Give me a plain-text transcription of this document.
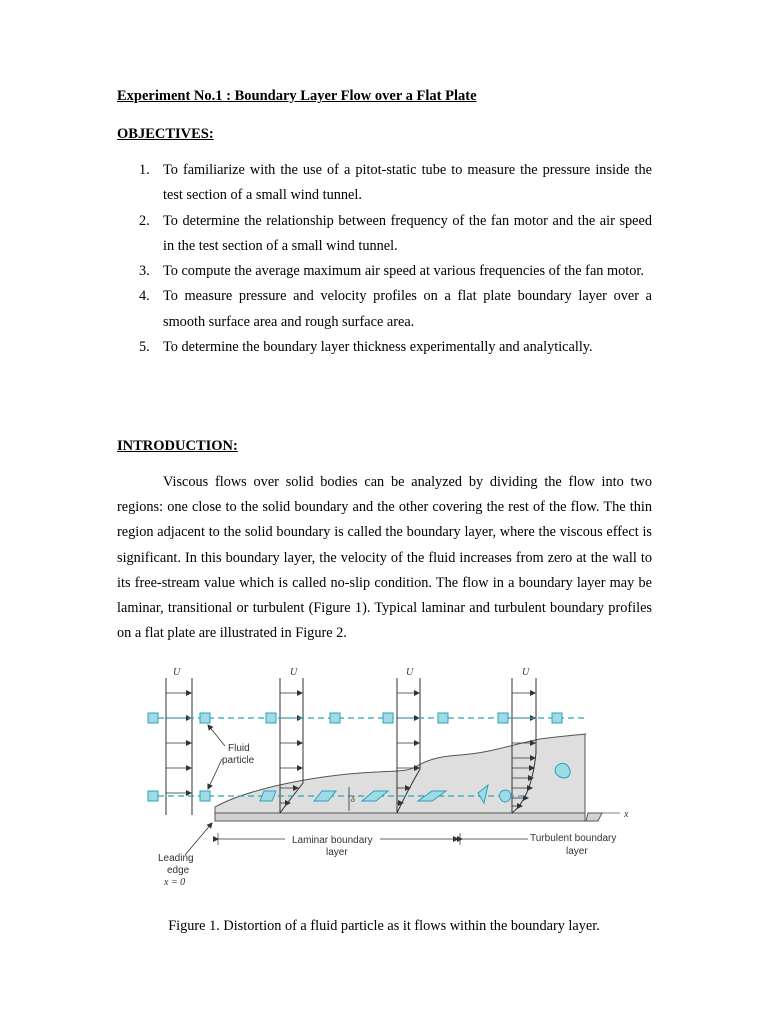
Experiment No.1 : Boundary Layer Flow over a Flat Plate
OBJECTIVES:
1. To familiarize with the use of a pitot-static tube to measure the pressure inside the test section of a small wind tunnel.
2. To determine the relationship between frequency of the fan motor and the air speed in the test section of a small wind tunnel.
3. To compute the average maximum air speed at various frequencies of the fan motor.
4. To measure pressure and velocity profiles on a flat plate boundary layer over a smooth surface area and rough surface area.
5. To determine the boundary layer thickness experimentally and analytically.
INTRODUCTION:

Viscous flows over solid bodies can be analyzed by dividing the flow into two regions: one close to the solid boundary and the other covering the rest of the flow. The thin region adjacent to the solid boundary is called the boundary layer, where the viscous effect is significant. In this boundary layer, the velocity of the fluid increases from zero at the wall to its free-stream value which is called no-slip condition. The flow in a boundary layer may be laminar, transitional or turbulent (Figure 1). Typical laminar and turbulent boundary profiles on a flat plate are illustrated in Figure 2.

x
U	U	U	U
Fluid
particle
δ
Laminar boundary
layer
Turbulent boundary
layer
Leading
edge
x = 0
Figure 1. Distortion of a fluid particle as it flows within the boundary layer.
